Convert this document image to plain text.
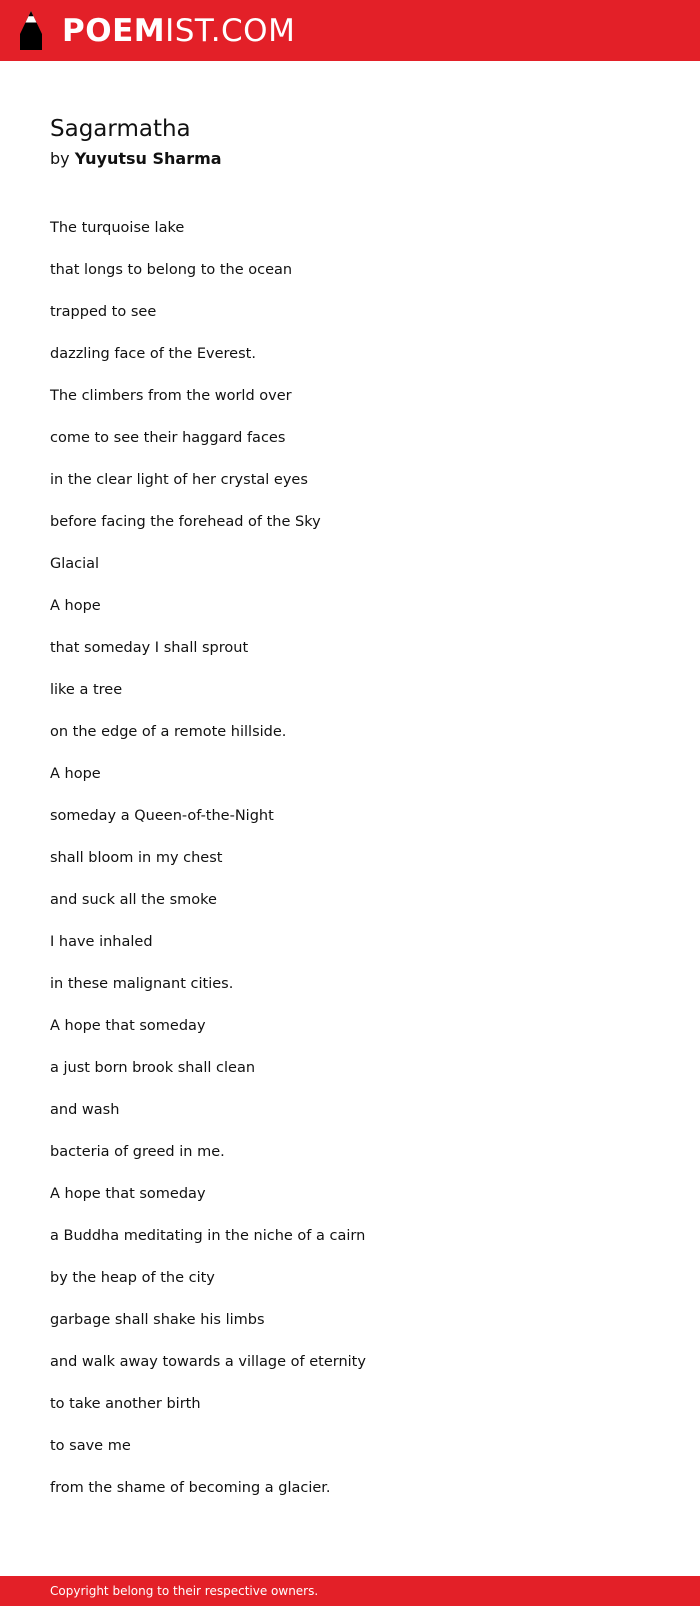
POEMIST.COM
Sagarmatha
by Yuyutsu Sharma
The turquoise lake
that longs to belong to the ocean
trapped to see
dazzling face of the Everest.
The climbers from the world over
come to see their haggard faces
in the clear light of her crystal eyes
before facing the forehead of the Sky
Glacial
A hope
that someday I shall sprout
like a tree
on the edge of a remote hillside.
A hope
someday a Queen-of-the-Night
shall bloom in my chest
and suck all the smoke
I have inhaled
in these malignant cities.
A hope that someday
a just born brook shall clean
and wash
bacteria of greed in me.
A hope that someday
a Buddha meditating in the niche of a cairn
by the heap of the city
garbage shall shake his limbs
and walk away towards a village of eternity
to take another birth
to save me
from the shame of becoming a glacier.
Copyright belong to their respective owners.
